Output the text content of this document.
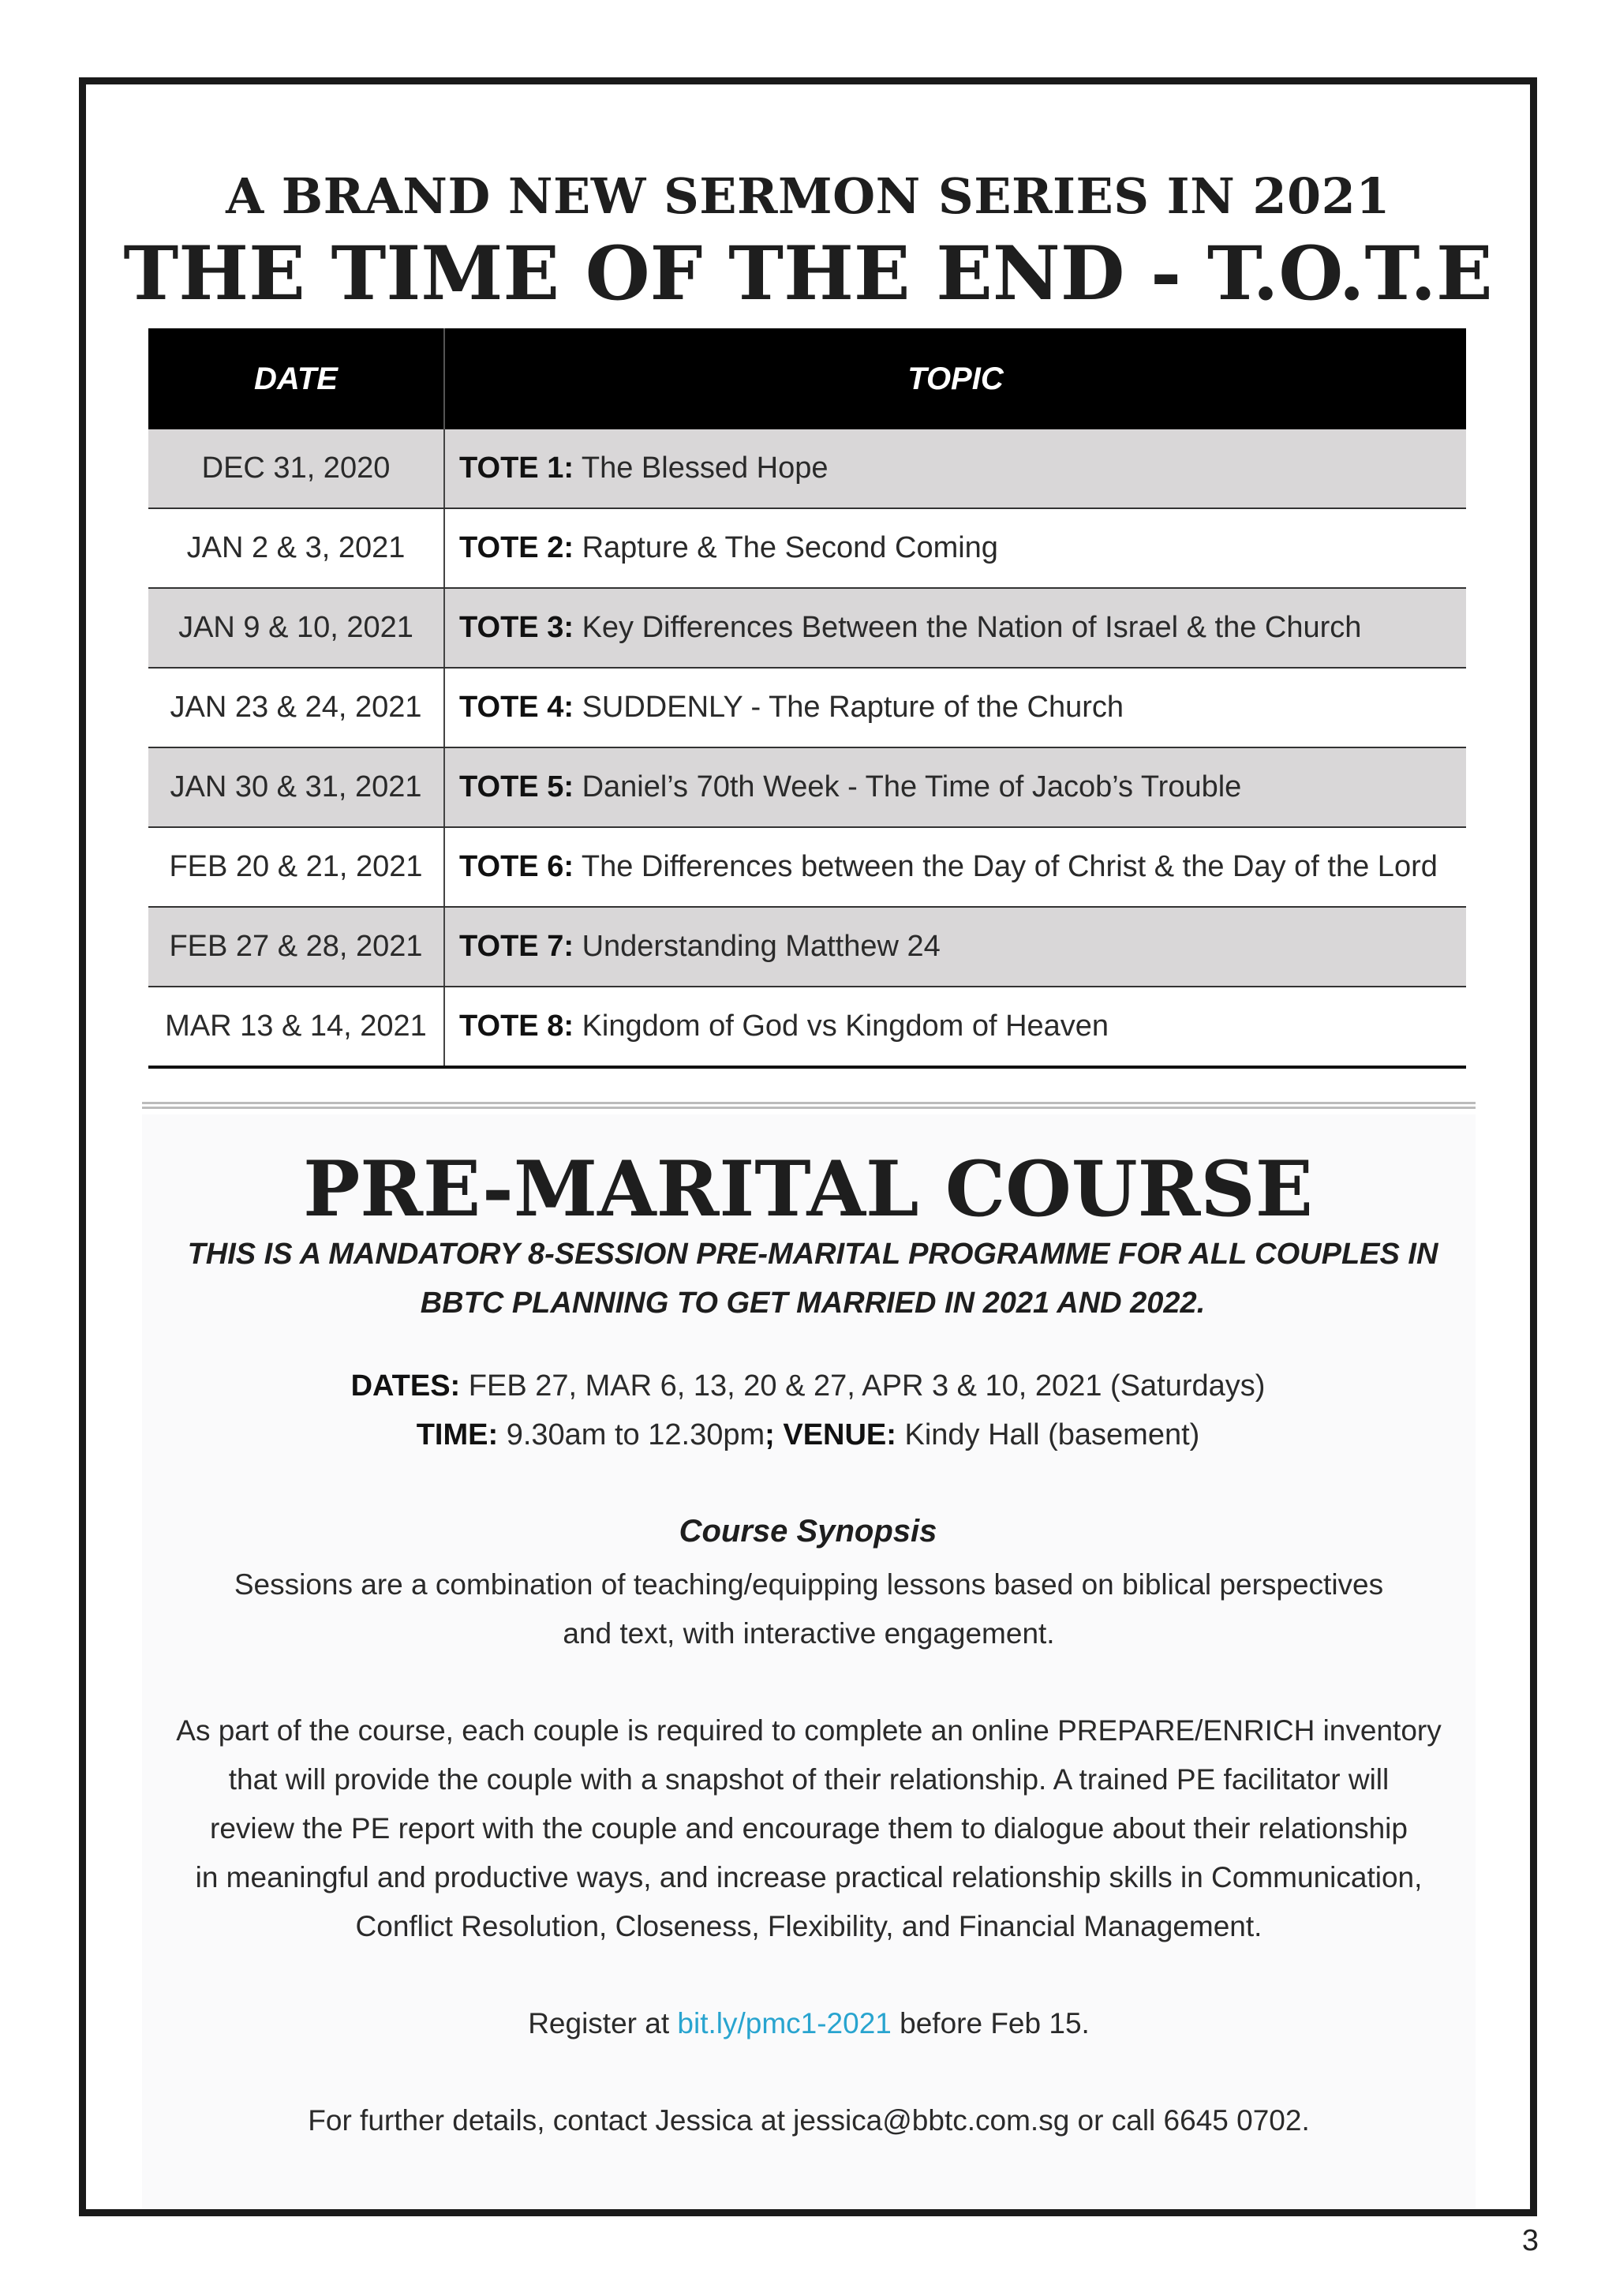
A BRAND NEW SERMON SERIES IN 2021
THE TIME OF THE END - T.O.T.E
DATE	TOPIC
DEC 31, 2020	TOTE 1: The Blessed Hope
JAN 2 & 3, 2021	TOTE 2: Rapture & The Second Coming
JAN 9 & 10, 2021	TOTE 3: Key Differences Between the Nation of Israel & the Church
JAN 23 & 24, 2021	TOTE 4: SUDDENLY - The Rapture of the Church
JAN 30 & 31, 2021	TOTE 5: Daniel’s 70th Week - The Time of Jacob’s Trouble
FEB 20 & 21, 2021	TOTE 6: The Differences between the Day of Christ & the Day of the Lord
FEB 27 & 28, 2021	TOTE 7: Understanding Matthew 24
MAR 13 & 14, 2021	TOTE 8: Kingdom of God vs Kingdom of Heaven
PRE-MARITAL COURSE
THIS IS A MANDATORY 8-SESSION PRE-MARITAL PROGRAMME FOR ALL COUPLES IN
BBTC PLANNING TO GET MARRIED IN 2021 AND 2022.
DATES: FEB 27, MAR 6, 13, 20 & 27, APR 3 & 10, 2021 (Saturdays)
TIME: 9.30am to 12.30pm; VENUE: Kindy Hall (basement)
Course Synopsis
Sessions are a combination of teaching/equipping lessons based on biblical perspectives
and text, with interactive engagement.
As part of the course, each couple is required to complete an online PREPARE/ENRICH inventory
that will provide the couple with a snapshot of their relationship. A trained PE facilitator will
review the PE report with the couple and encourage them to dialogue about their relationship
in meaningful and productive ways, and increase practical relationship skills in Communication,
Conflict Resolution, Closeness, Flexibility, and Financial Management.
Register at bit.ly/pmc1-2021 before Feb 15.
For further details, contact Jessica at jessica@bbtc.com.sg or call 6645 0702.
3
